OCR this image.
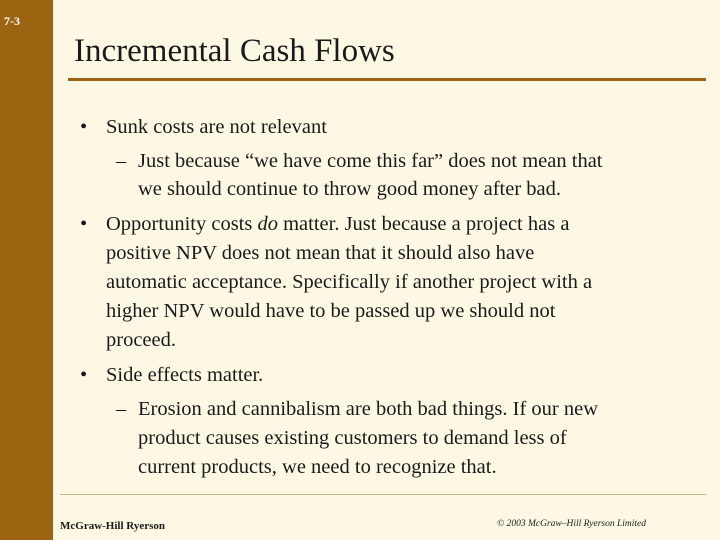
7-3
Incremental Cash Flows
• Sunk costs are not relevant
– Just because “we have come this far” does not mean that
we should continue to throw good money after bad.
• Opportunity costs do matter. Just because a project has a
positive NPV does not mean that it should also have
automatic acceptance. Specifically if another project with a
higher NPV would have to be passed up we should not
proceed.
• Side effects matter.
– Erosion and cannibalism are both bad things. If our new
product causes existing customers to demand less of
current products, we need to recognize that.
McGraw-Hill Ryerson	© 2003 McGraw–Hill Ryerson Limited
